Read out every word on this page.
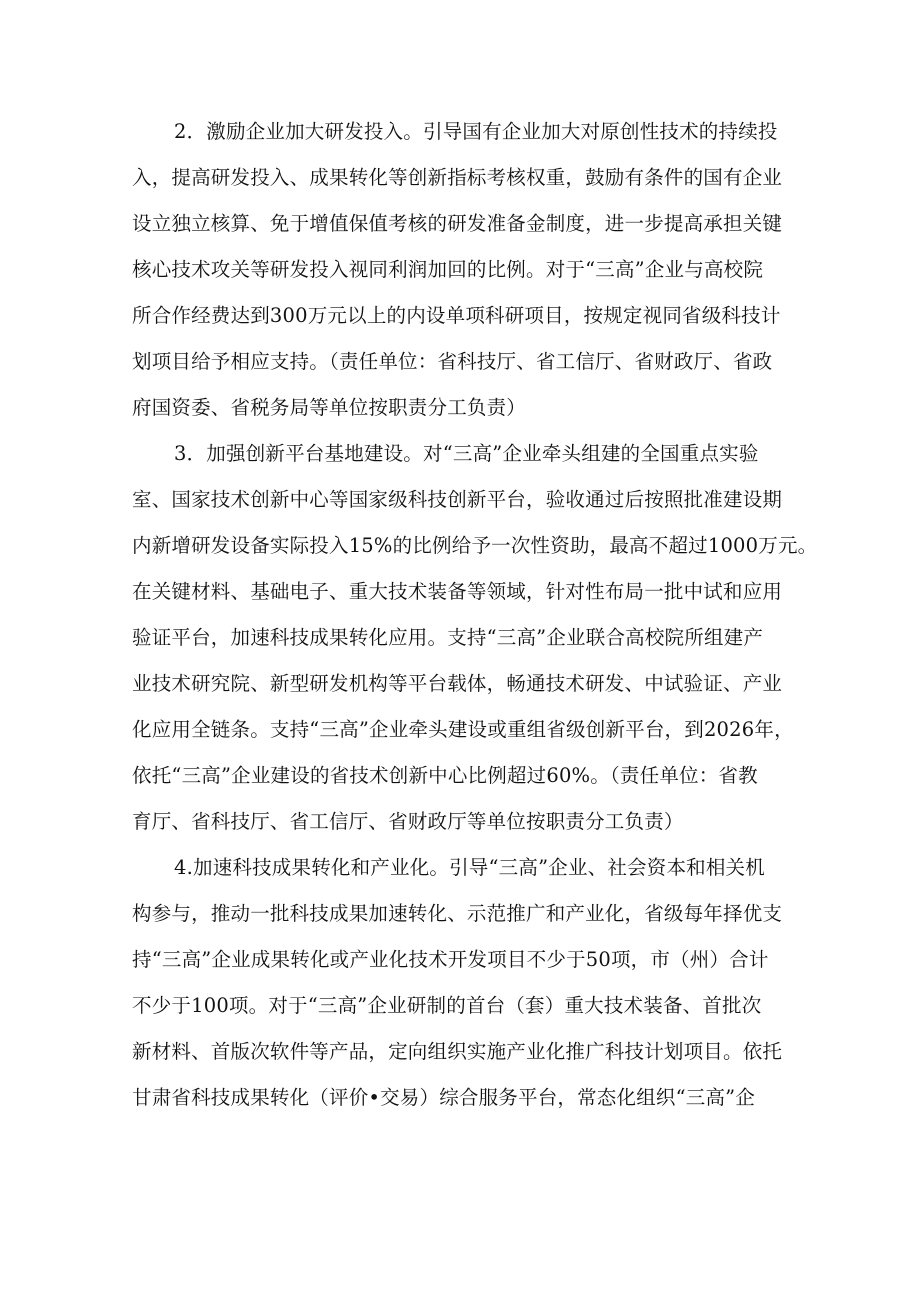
2．激励企业加大研发投入。引导国有企业加大对原创性技术的持续投
入，提高研发投入、成果转化等创新指标考核权重，鼓励有条件的国有企业
设立独立核算、免于增值保值考核的研发准备金制度，进一步提高承担关键
核心技术攻关等研发投入视同利润加回的比例。对于“三高”企业与高校院
所合作经费达到300万元以上的内设单项科研项目，按规定视同省级科技计
划项目给予相应支持。（责任单位：省科技厅、省工信厅、省财政厅、省政
府国资委、省税务局等单位按职责分工负责）
3．加强创新平台基地建设。对“三高”企业牵头组建的全国重点实验
室、国家技术创新中心等国家级科技创新平台，验收通过后按照批准建设期
内新增研发设备实际投入15%的比例给予一次性资助，最高不超过1000万元。
在关键材料、基础电子、重大技术装备等领域，针对性布局一批中试和应用
验证平台，加速科技成果转化应用。支持“三高”企业联合高校院所组建产
业技术研究院、新型研发机构等平台载体，畅通技术研发、中试验证、产业
化应用全链条。支持“三高”企业牵头建设或重组省级创新平台，到2026年，
依托“三高”企业建设的省技术创新中心比例超过60%。（责任单位：省教
育厅、省科技厅、省工信厅、省财政厅等单位按职责分工负责）
4.加速科技成果转化和产业化。引导“三高”企业、社会资本和相关机
构参与，推动一批科技成果加速转化、示范推广和产业化，省级每年择优支
持“三高”企业成果转化或产业化技术开发项目不少于50项，市（州）合计
不少于100项。对于“三高”企业研制的首台（套）重大技术装备、首批次
新材料、首版次软件等产品，定向组织实施产业化推广科技计划项目。依托
甘肃省科技成果转化（评价•交易）综合服务平台，常态化组织“三高”企
